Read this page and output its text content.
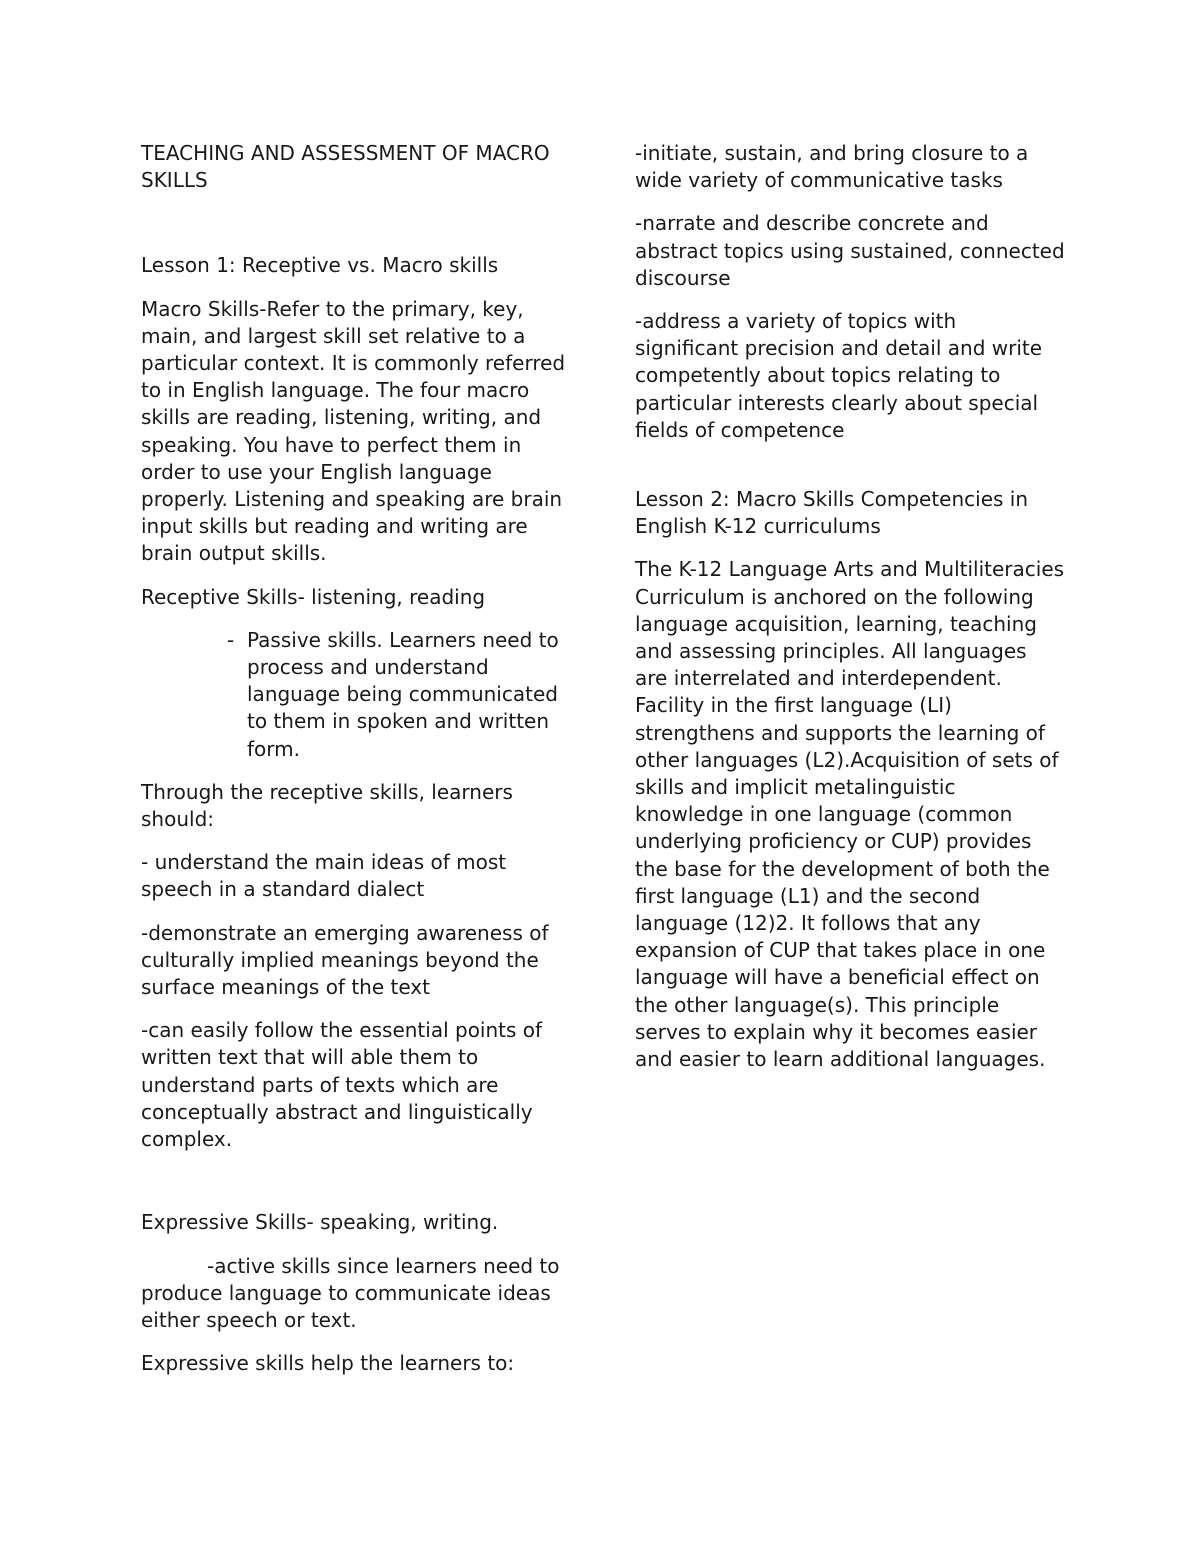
TEACHING AND ASSESSMENT OF MACRO SKILLS

Lesson 1: Receptive vs. Macro skills

Macro Skills-Refer to the primary, key, main, and largest skill set relative to a particular context. It is commonly referred to in English language. The four macro skills are reading, listening, writing, and speaking. You have to perfect them in order to use your English language properly. Listening and speaking are brain input skills but reading and writing are brain output skills.

Receptive Skills- listening, reading

- Passive skills. Learners need to process and understand language being communicated to them in spoken and written form.

Through the receptive skills, learners should:

- understand the main ideas of most speech in a standard dialect

-demonstrate an emerging awareness of culturally implied meanings beyond the surface meanings of the text

-can easily follow the essential points of written text that will able them to understand parts of texts which are conceptually abstract and linguistically complex.

Expressive Skills- speaking, writing.

-active skills since learners need to produce language to communicate ideas either speech or text.

Expressive skills help the learners to:

-initiate, sustain, and bring closure to a wide variety of communicative tasks

-narrate and describe concrete and abstract topics using sustained, connected discourse

-address a variety of topics with significant precision and detail and write competently about topics relating to particular interests clearly about special fields of competence

Lesson 2: Macro Skills Competencies in English K-12 curriculums

The K-12 Language Arts and Multiliteracies Curriculum is anchored on the following language acquisition, learning, teaching and assessing principles. All languages are interrelated and interdependent. Facility in the first language (LI) strengthens and supports the learning of other languages (L2).Acquisition of sets of skills and implicit metalinguistic knowledge in one language (common underlying proficiency or CUP) provides the base for the development of both the first language (L1) and the second language (12)2. It follows that any expansion of CUP that takes place in one language will have a beneficial effect on the other language(s). This principle serves to explain why it becomes easier and easier to learn additional languages.
